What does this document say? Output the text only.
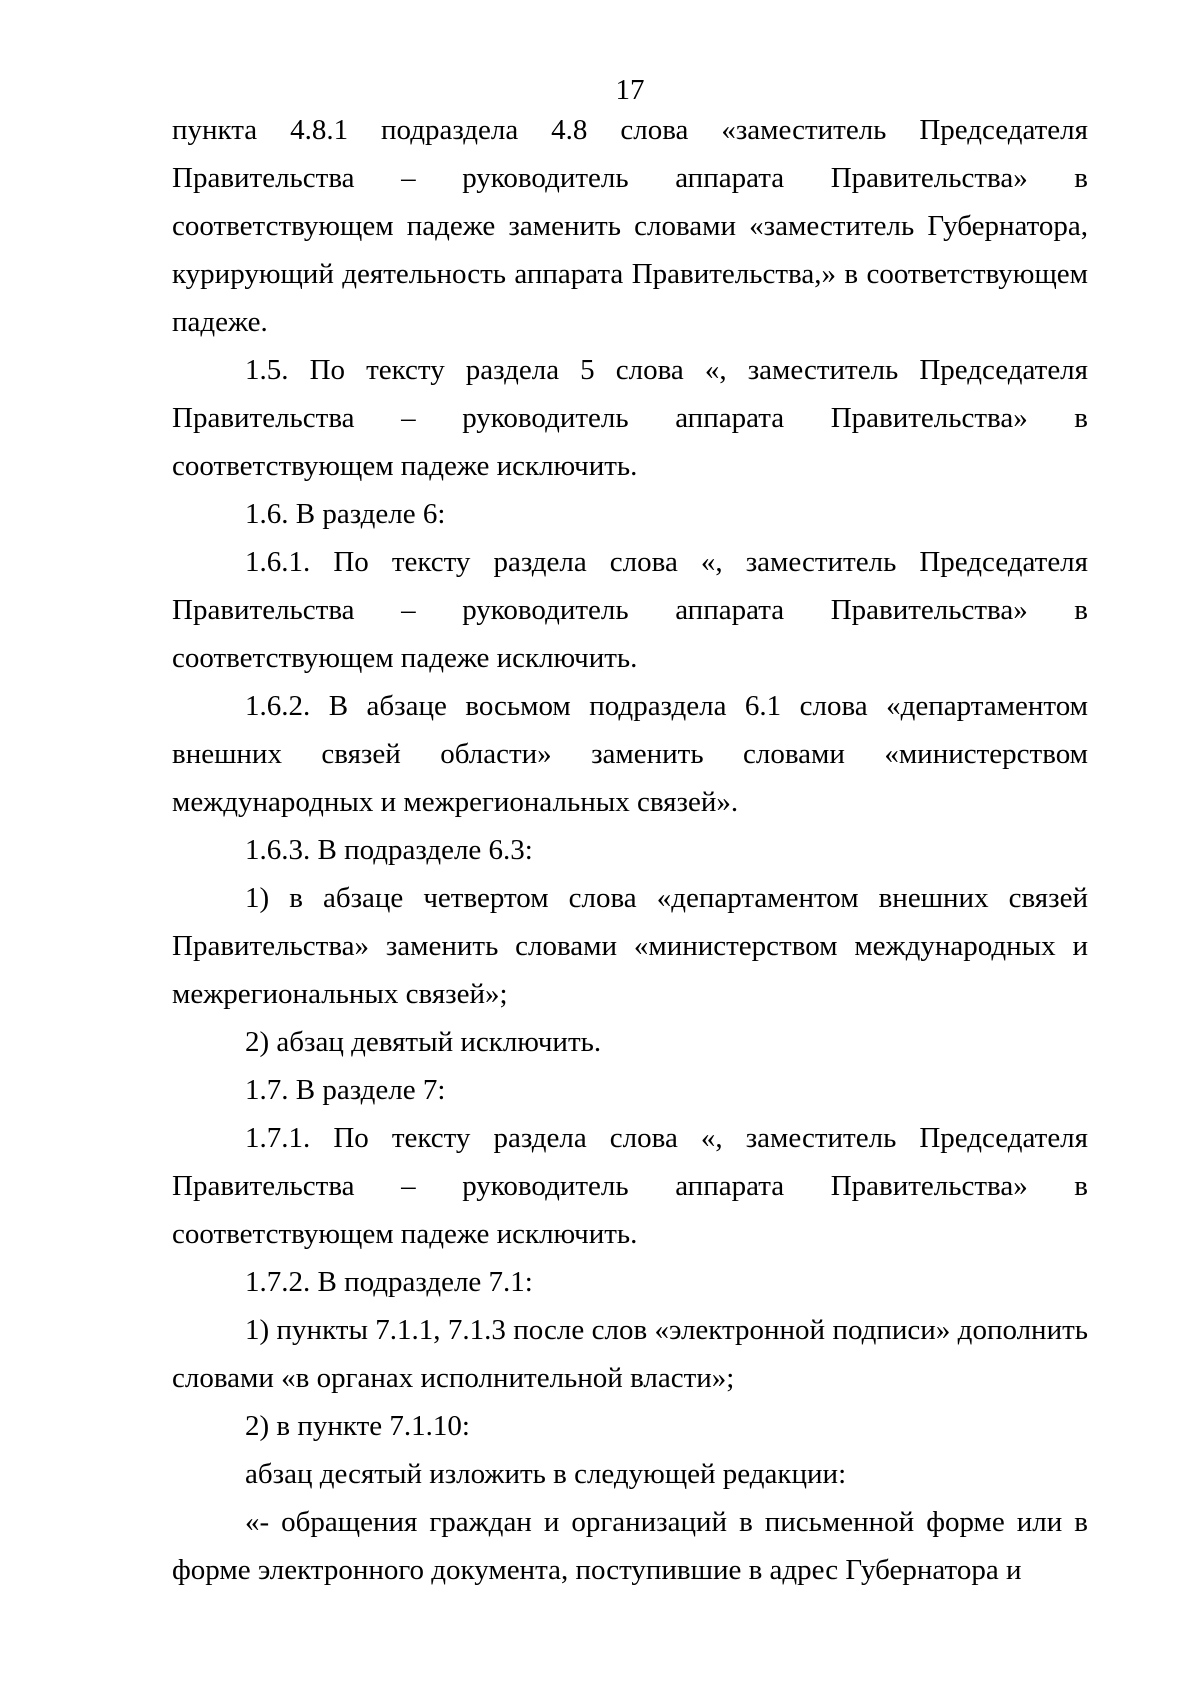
17

пункта 4.8.1 подраздела 4.8 слова «заместитель Председателя Правительства – руководитель аппарата Правительства» в соответствующем падеже заменить словами «заместитель Губернатора, курирующий деятельность аппарата Правительства,» в соответствующем падеже.

1.5. По тексту раздела 5 слова «, заместитель Председателя Правительства – руководитель аппарата Правительства» в соответствующем падеже исключить.

1.6. В разделе 6:

1.6.1. По тексту раздела слова «, заместитель Председателя Правительства – руководитель аппарата Правительства» в соответствующем падеже исключить.

1.6.2. В абзаце восьмом подраздела 6.1 слова «департаментом внешних связей области» заменить словами «министерством международных и межрегиональных связей».

1.6.3. В подразделе 6.3:

1) в абзаце четвертом слова «департаментом внешних связей Правительства» заменить словами «министерством международных и межрегиональных связей»;

2) абзац девятый исключить.

1.7. В разделе 7:

1.7.1. По тексту раздела слова «, заместитель Председателя Правительства – руководитель аппарата Правительства» в соответствующем падеже исключить.

1.7.2. В подразделе 7.1:

1) пункты 7.1.1, 7.1.3 после слов «электронной подписи» дополнить словами «в органах исполнительной власти»;

2) в пункте 7.1.10:

абзац десятый изложить в следующей редакции:

«- обращения граждан и организаций в письменной форме или в форме электронного документа, поступившие в адрес Губернатора и
